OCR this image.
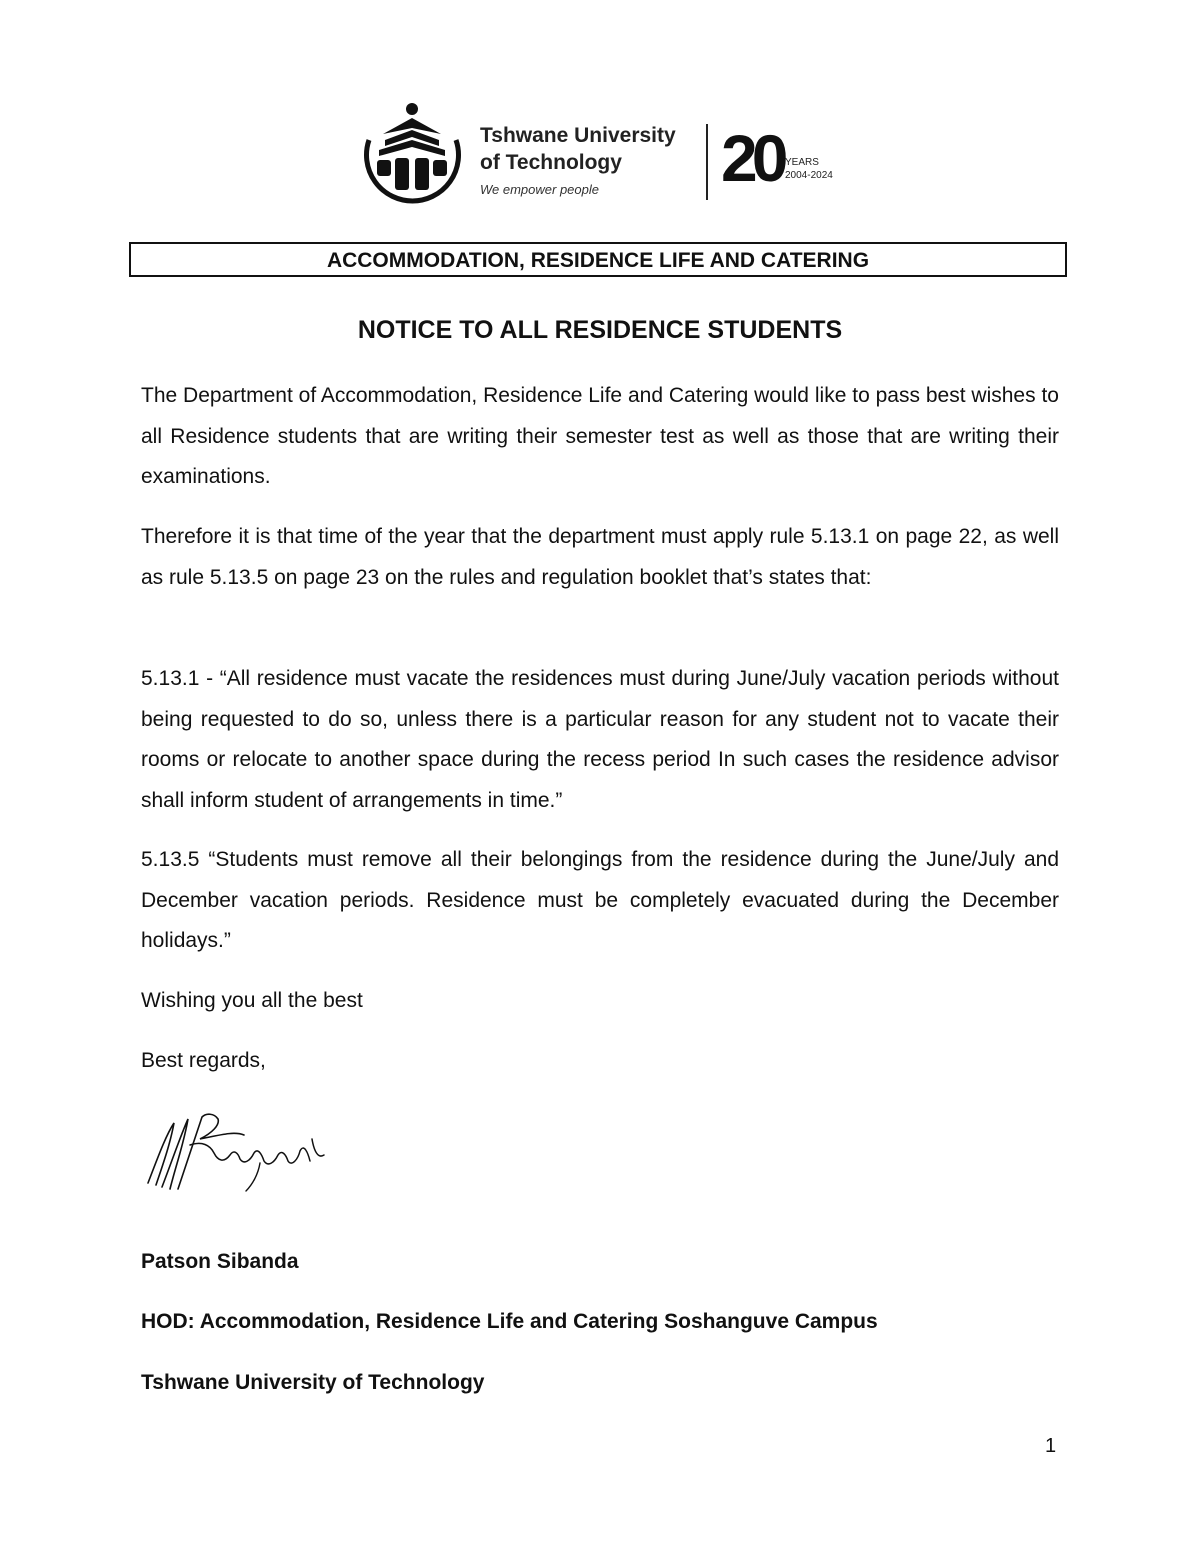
Tshwane University
of Technology
We empower people 20 YEARS
2004-2024
ACCOMMODATION, RESIDENCE LIFE AND CATERING
NOTICE TO ALL RESIDENCE STUDENTS
The Department of Accommodation, Residence Life and Catering would like to pass best wishes to all Residence students that are writing their semester test as well as those that are writing their examinations.
Therefore it is that time of the year that the department must apply rule 5.13.1 on page 22, as well as rule 5.13.5 on page 23 on the rules and regulation booklet that’s states that:
5.13.1 - “All residence must vacate the residences must during June/July vacation periods without being requested to do so, unless there is a particular reason for any student not to vacate their rooms or relocate to another space during the recess period In such cases the residence advisor shall inform student of arrangements in time.”
5.13.5 “Students must remove all their belongings from the residence during the June/July and December vacation periods. Residence must be completely evacuated during the December holidays.”
Wishing you all the best
Best regards,
Patson Sibanda
HOD: Accommodation, Residence Life and Catering Soshanguve Campus
Tshwane University of Technology
1
